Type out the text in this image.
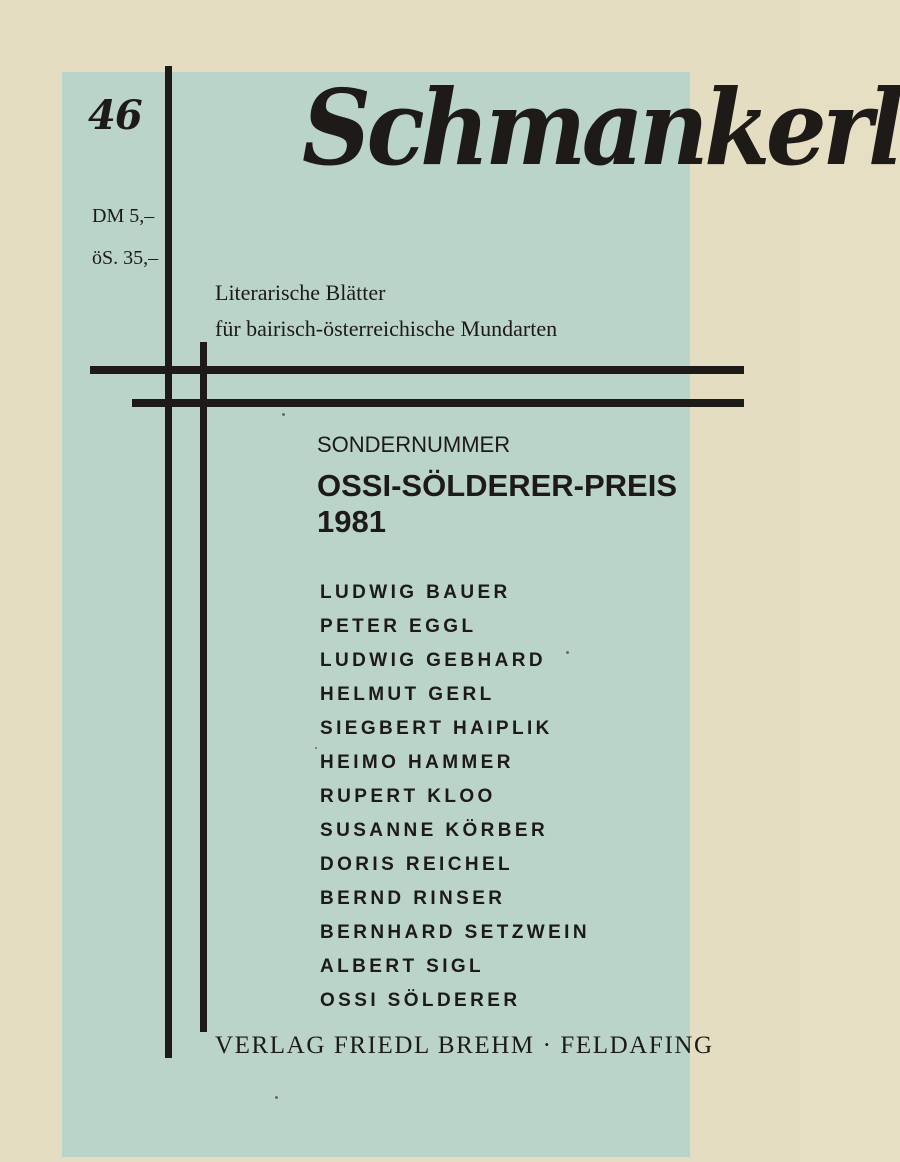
46
DM 5,–
öS. 35,–
Schmankerl
Literarische Blätter
für bairisch-österreichische Mundarten
SONDERNUMMER
OSSI-SÖLDERER-PREIS 1981
LUDWIG BAUER
PETER EGGL
LUDWIG GEBHARD
HELMUT GERL
SIEGBERT HAIPLIK
HEIMO HAMMER
RUPERT KLOO
SUSANNE KÖRBER
DORIS REICHEL
BERND RINSER
BERNHARD SETZWEIN
ALBERT SIGL
OSSI SÖLDERER
VERLAG FRIEDL BREHM · FELDAFING
